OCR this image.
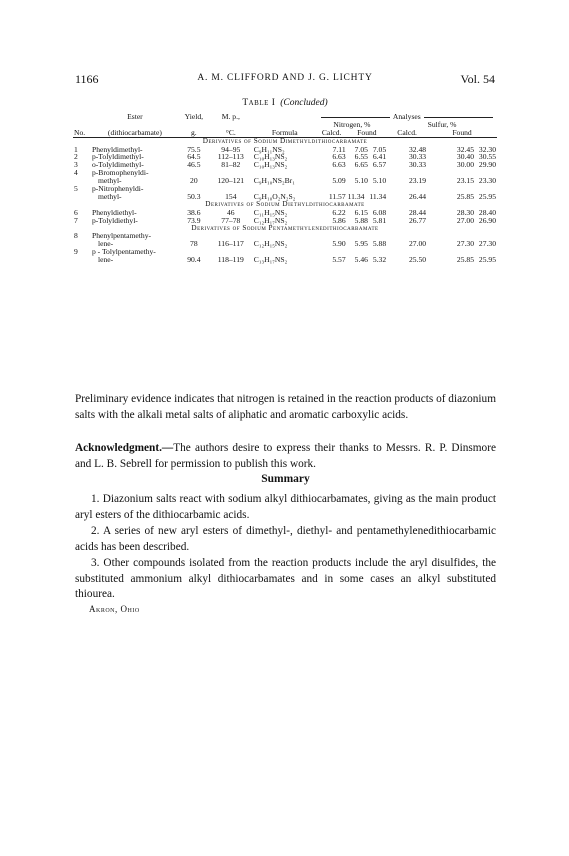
1166	A. M. CLIFFORD AND J. G. LICHTY	Vol. 54
Table I (Concluded)
	Ester	Yield,	M. p.,		Analyses			
					Nitrogen, %		Sulfur, %	
No.	(dithiocarbamate)	g.	°C.	Formula	Calcd.	Found	Calcd.	Found
Derivatives of Sodium Dimethyldithiocarbamate								
1	Phenyldimethyl-	75.5	94–95	C₉H₁₁NS₂	7.11	7.05 7.05	32.48	32.45 32.30
2	p-Tolyldimethyl-	64.5	112–113	C₁₀H₁₃NS₂	6.63	6.55 6.41	30.33	30.40 30.55
3	o-Tolyldimethyl-	46.5	81–82	C₁₀H₁₃NS₂	6.63	6.65 6.57	30.33	30.00 29.90
4	p-Bromophenyldi-							
	methyl-	20	120–121	C₉H₁₀NS₂Br₁	5.09	5.10 5.10	23.19	23.15 23.30
5	p-Nitrophenyldi-							
	methyl-	50.3	154	C₉H₁₀O₂N₂S₂	11.57	11.34 11.34	26.44	25.85 25.95
Derivatives of Sodium Diethyldithiocarbamate								
6	Phenyldiethyl-	38.6	46	C₁₁H₁₅NS₂	6.22	6.15 6.08	28.44	28.30 28.40
7	p-Tolyldiethyl-	73.9	77–78	C₁₂H₁₇NS₂	5.86	5.88 5.81	26.77	27.00 26.90
Derivatives of Sodium Pentamethylenedithiocarbamate								
8	Phenylpentamethy-							
	lene-	78	116–117	C₁₂H₁₅NS₂	5.90	5.95 5.88	27.00	27.30 27.30
9	p - Tolylpentamethy-							
	lene-	90.4	118–119	C₁₃H₁₇NS₂	5.57	5.46 5.32	25.50	25.85 25.95
Preliminary evidence indicates that nitrogen is retained in the reaction products of diazonium salts with the alkali metal salts of aliphatic and aromatic carboxylic acids.
Acknowledgment.—The authors desire to express their thanks to Messrs. R. P. Dinsmore and L. B. Sebrell for permission to publish this work.
Summary
1. Diazonium salts react with sodium alkyl dithiocarbamates, giving as the main product aryl esters of the dithiocarbamic acids.
2. A series of new aryl esters of dimethyl-, diethyl- and pentamethylenedithiocarbamic acids has been described.
3. Other compounds isolated from the reaction products include the aryl disulfides, the substituted ammonium alkyl dithiocarbamates and in some cases an alkyl substituted thiourea.
Akron, Ohio
